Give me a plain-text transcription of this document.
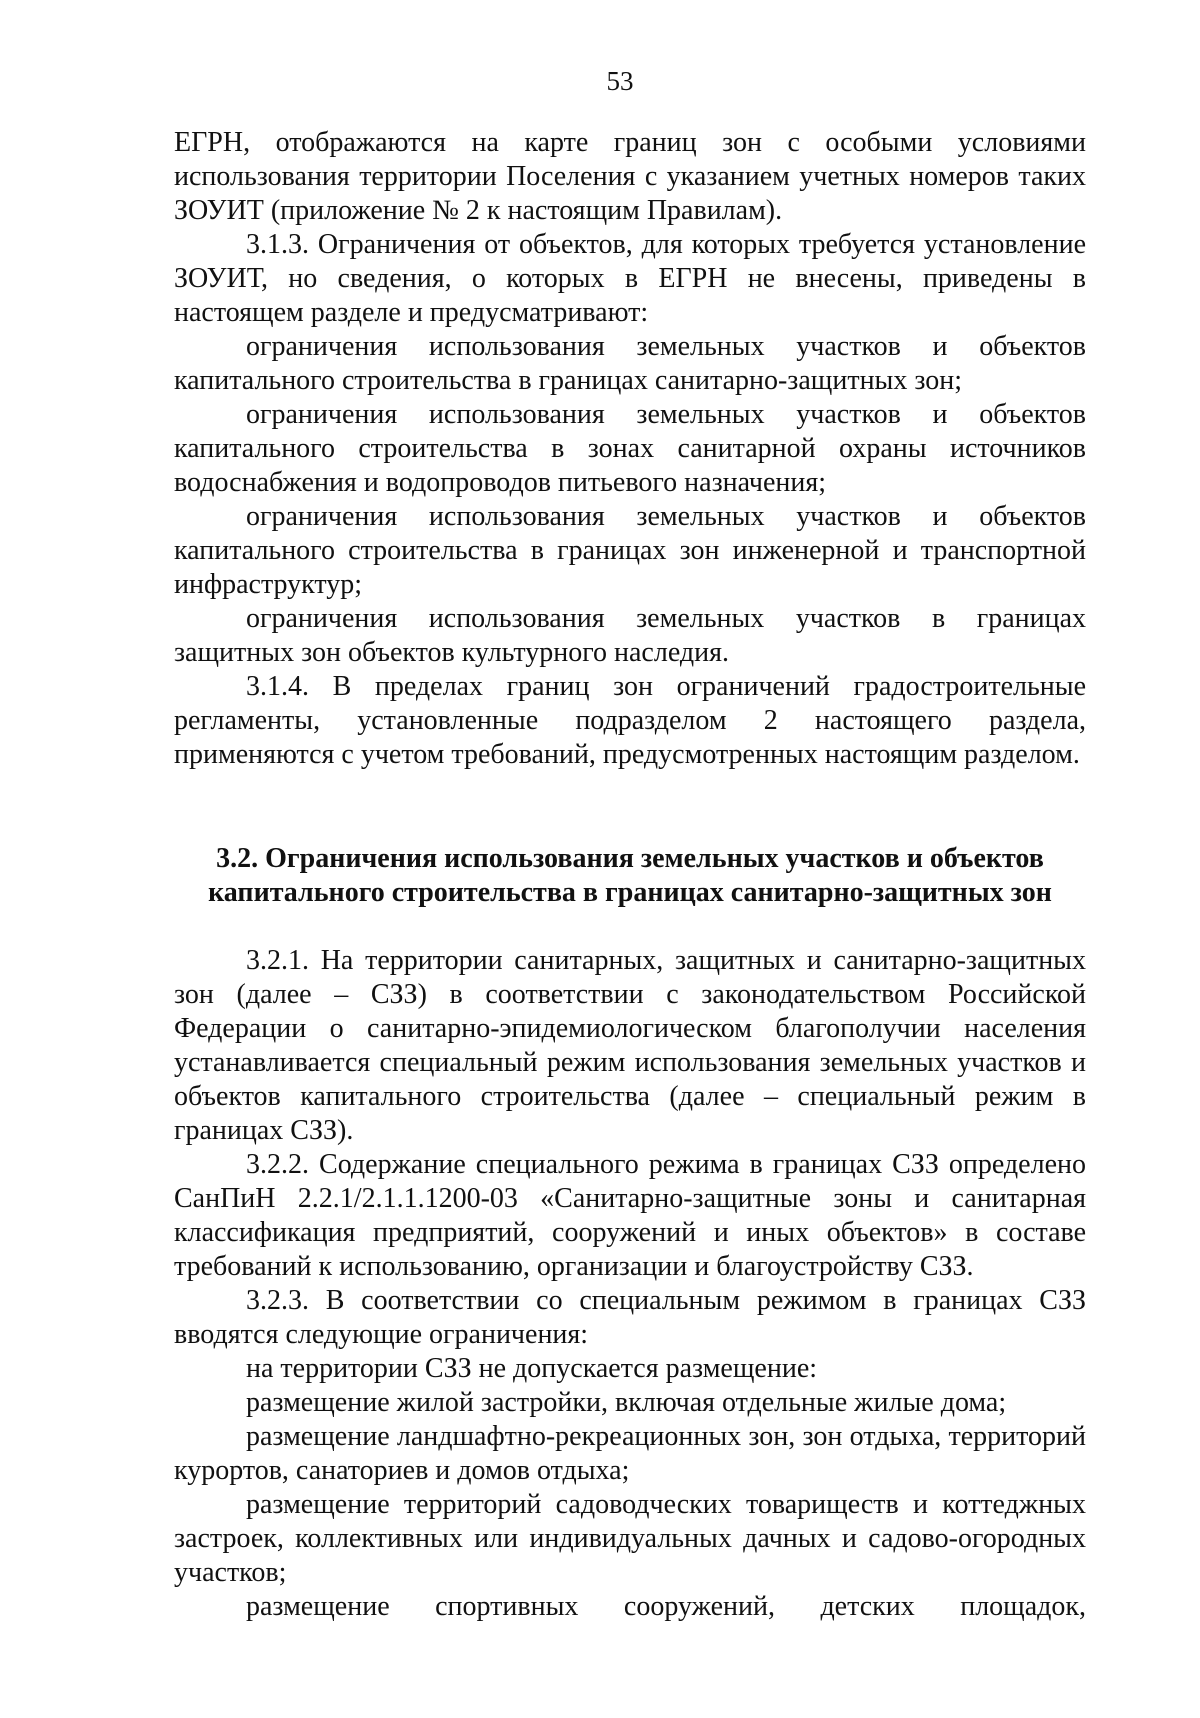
53

ЕГРН, отображаются на карте границ зон с особыми условиями использования территории Поселения с указанием учетных номеров таких ЗОУИТ (приложение № 2 к настоящим Правилам).

3.1.3. Ограничения от объектов, для которых требуется установление ЗОУИТ, но сведения, о которых в ЕГРН не внесены, приведены в настоящем разделе и предусматривают:

ограничения использования земельных участков и объектов капитального строительства в границах санитарно-защитных зон;

ограничения использования земельных участков и объектов капитального строительства в зонах санитарной охраны источников водоснабжения и водопроводов питьевого назначения;

ограничения использования земельных участков и объектов капитального строительства в границах зон инженерной и транспортной инфраструктур;

ограничения использования земельных участков в границах защитных зон объектов культурного наследия.

3.1.4. В пределах границ зон ограничений градостроительные регламенты, установленные подразделом 2 настоящего раздела, применяются с учетом требований, предусмотренных настоящим разделом.

3.2. Ограничения использования земельных участков и объектов
капитального строительства в границах санитарно-защитных зон

3.2.1. На территории санитарных, защитных и санитарно-защитных зон (далее – СЗЗ) в соответствии с законодательством Российской Федерации о санитарно-эпидемиологическом благополучии населения устанавливается специальный режим использования земельных участков и объектов капитального строительства (далее – специальный режим в границах СЗЗ).

3.2.2. Содержание специального режима в границах СЗЗ определено СанПиН 2.2.1/2.1.1.1200-03 «Санитарно-защитные зоны и санитарная классификация предприятий, сооружений и иных объектов» в составе требований к использованию, организации и благоустройству СЗЗ.

3.2.3. В соответствии со специальным режимом в границах СЗЗ вводятся следующие ограничения:

на территории СЗЗ не допускается размещение:

размещение жилой застройки, включая отдельные жилые дома;

размещение ландшафтно-рекреационных зон, зон отдыха, территорий курортов, санаториев и домов отдыха;

размещение территорий садоводческих товариществ и коттеджных застроек, коллективных или индивидуальных дачных и садово-огородных участков;

размещение спортивных сооружений, детских площадок,
